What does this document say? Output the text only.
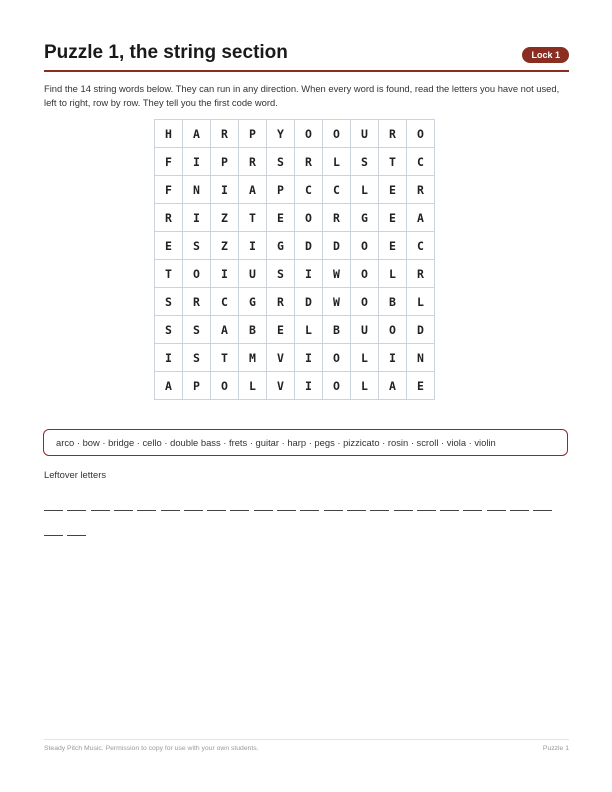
Puzzle 1, the string section	Lock 1

Find the 14 string words below. They can run in any direction. When every word is found, read the letters you have not used, left to right, row by row. They tell you the first code word.

H	A	R	P	Y	O	O	U	R	O
F	I	P	R	S	R	L	S	T	C
F	N	I	A	P	C	C	L	E	R
R	I	Z	T	E	O	R	G	E	A
E	S	Z	I	G	D	D	O	E	C
T	O	I	U	S	I	W	O	L	R
S	R	C	G	R	D	W	O	B	L
S	S	A	B	E	L	B	U	O	D
I	S	T	M	V	I	O	L	I	N
A	P	O	L	V	I	O	L	A	E
arco · bow · bridge · cello · double bass · frets · guitar · harp · pegs · pizzicato · rosin · scroll · viola · violin
Leftover letters
Steady Pitch Music. Permission to copy for use with your own students.	Puzzle 1
